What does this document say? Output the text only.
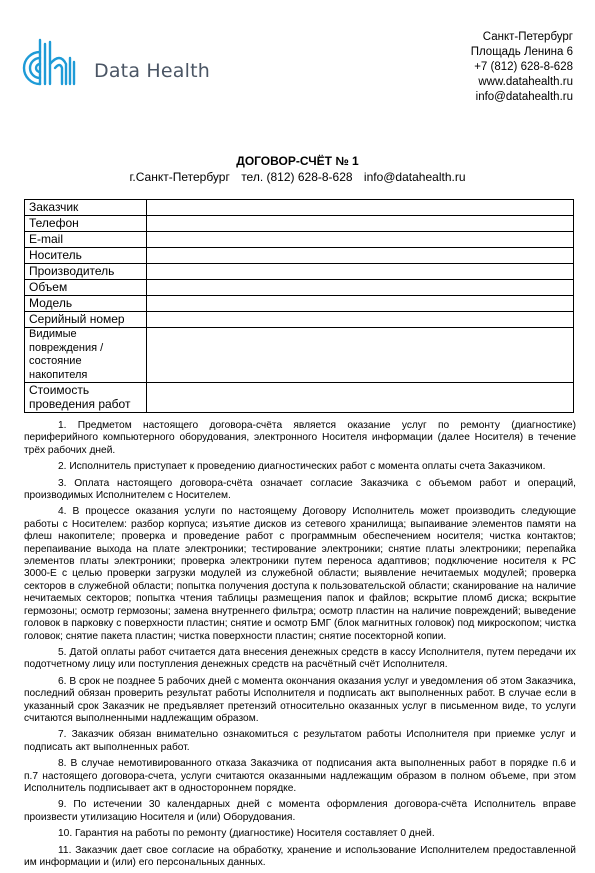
Data Health
Санкт-Петербург
Площадь Ленина 6
+7 (812) 628-8-628
www.datahealth.ru
info@datahealth.ru
ДОГОВОР-СЧЁТ № 1
г.Санкт-Петербург тел. (812) 628-8-628 info@datahealth.ru
Заказчик	
Телефон	
E-mail	
Носитель	
Производитель	
Объем	
Модель	
Серийный номер	
Видимые повреждения / состояние накопителя	
Стоимость проведения работ	

1. Предметом настоящего договора-счёта является оказание услуг по ремонту (диагностике) периферийного компьютерного оборудования, электронного Носителя информации (далее Носителя) в течение трёх рабочих дней.

2. Исполнитель приступает к проведению диагностических работ с момента оплаты счета Заказчиком.

3. Оплата настоящего договора-счёта означает согласие Заказчика с объемом работ и операций, производимых Исполнителем с Носителем.

4. В процессе оказания услуги по настоящему Договору Исполнитель может производить следующие работы с Носителем: разбор корпуса; изъятие дисков из сетевого хранилища; выпаивание элементов памяти на флеш накопителе; проверка и проведение работ с программным обеспечением носителя; чистка контактов; перепаивание выхода на плате электроники; тестирование электроники; снятие платы электроники; перепайка элементов платы электроники; проверка электроники путем переноса адаптивов; подключение носителя к PC 3000-E с целью проверки загрузки модулей из служебной области; выявление нечитаемых модулей; проверка секторов в служебной области; попытка получения доступа к пользовательской области; сканирование на наличие нечитаемых секторов; попытка чтения таблицы размещения папок и файлов; вскрытие пломб диска; вскрытие гермозоны; осмотр гермозоны; замена внутреннего фильтра; осмотр пластин на наличие повреждений; выведение головок в парковку с поверхности пластин; снятие и осмотр БМГ (блок магнитных головок) под микроскопом; чистка головок; снятие пакета пластин; чистка поверхности пластин; снятие посекторной копии.

5. Датой оплаты работ считается дата внесения денежных средств в кассу Исполнителя, путем передачи их подотчетному лицу или поступления денежных средств на расчётный счёт Исполнителя.

6. В срок не позднее 5 рабочих дней с момента окончания оказания услуг и уведомления об этом Заказчика, последний обязан проверить результат работы Исполнителя и подписать акт выполненных работ. В случае если в указанный срок Заказчик не предъявляет претензий относительно оказанных услуг в письменном виде, то услуги считаются выполненными надлежащим образом.

7. Заказчик обязан внимательно ознакомиться с результатом работы Исполнителя при приемке услуг и подписать акт выполненных работ.

8. В случае немотивированного отказа Заказчика от подписания акта выполненных работ в порядке п.6 и п.7 настоящего договора-счета, услуги считаются оказанными надлежащим образом в полном объеме, при этом Исполнитель подписывает акт в одностороннем порядке.

9. По истечении 30 календарных дней с момента оформления договора-счёта Исполнитель вправе произвести утилизацию Носителя и (или) Оборудования.

10. Гарантия на работы по ремонту (диагностике) Носителя составляет 0 дней.

11. Заказчик дает свое согласие на обработку, хранение и использование Исполнителем предоставленной им информации и (или) его персональных данных.
